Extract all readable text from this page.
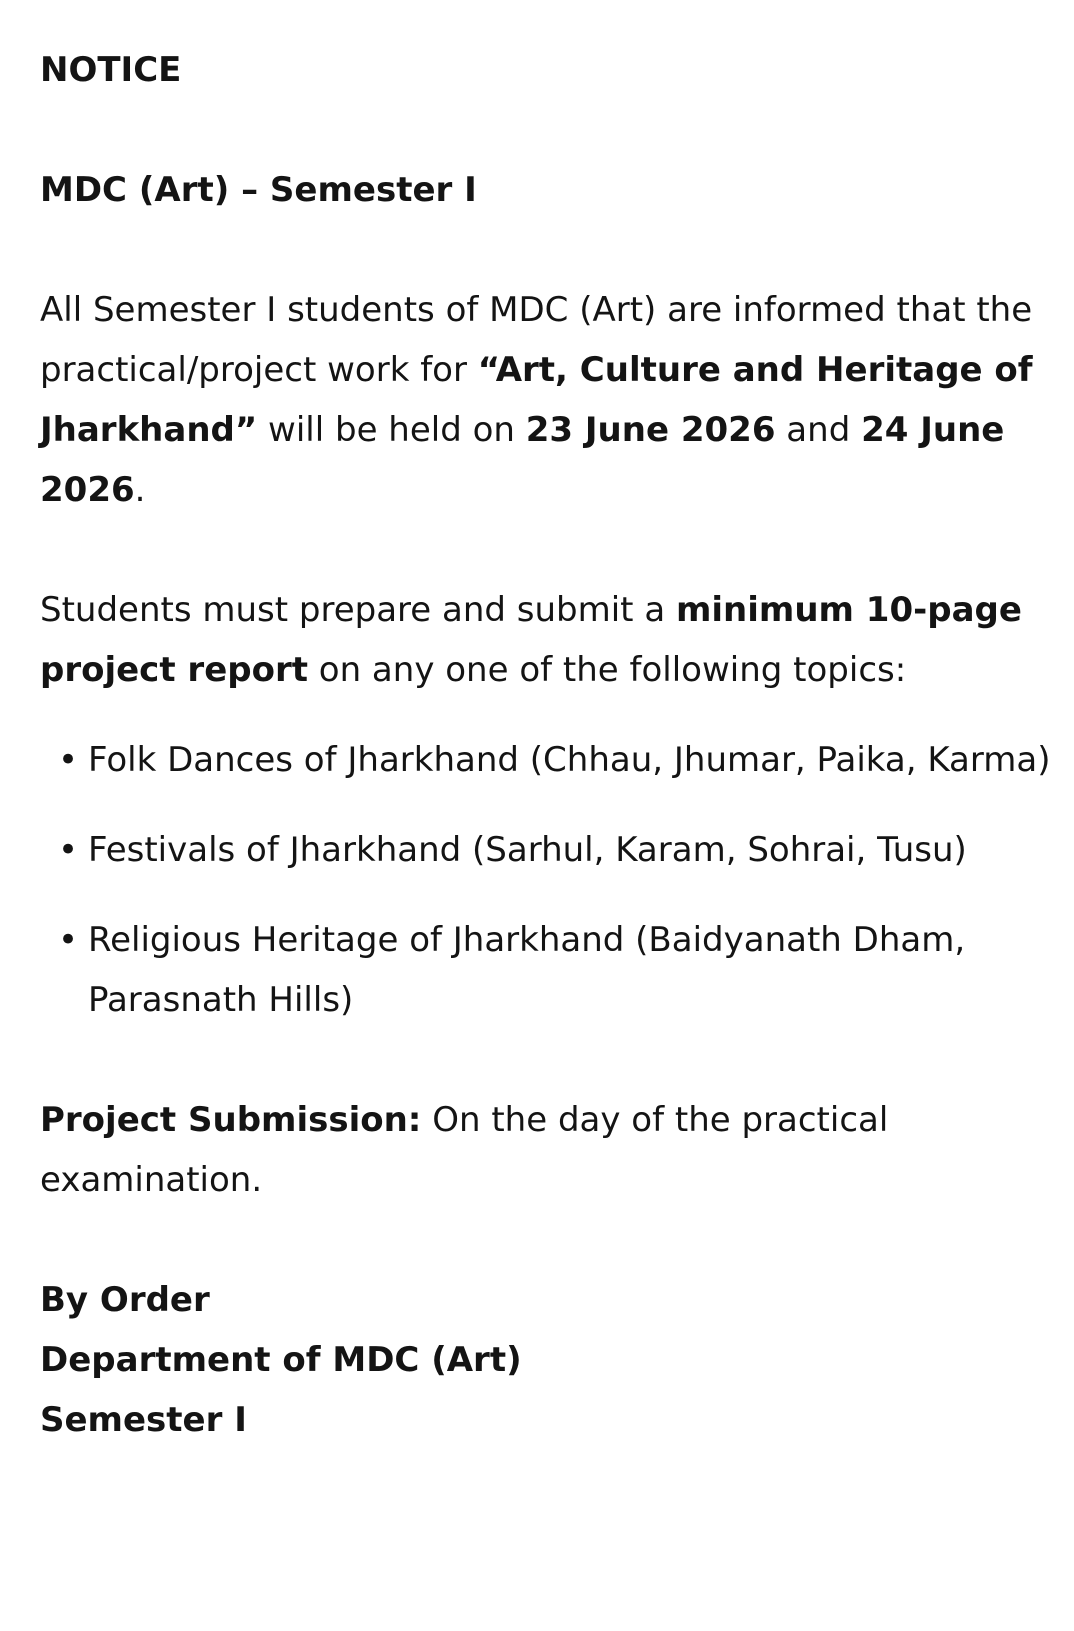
NOTICE

MDC (Art) – Semester I

All Semester I students of MDC (Art) are informed that the practical/project work for “Art, Culture and Heritage of Jharkhand” will be held on 23 June 2026 and 24 June 2026.

Students must prepare and submit a minimum 10-page project report on any one of the following topics:

• Folk Dances of Jharkhand (Chhau, Jhumar, Paika, Karma)
• Festivals of Jharkhand (Sarhul, Karam, Sohrai, Tusu)
• Religious Heritage of Jharkhand (Baidyanath Dham, Parasnath Hills)

Project Submission: On the day of the practical examination.

By Order

Department of MDC (Art)

Semester I
